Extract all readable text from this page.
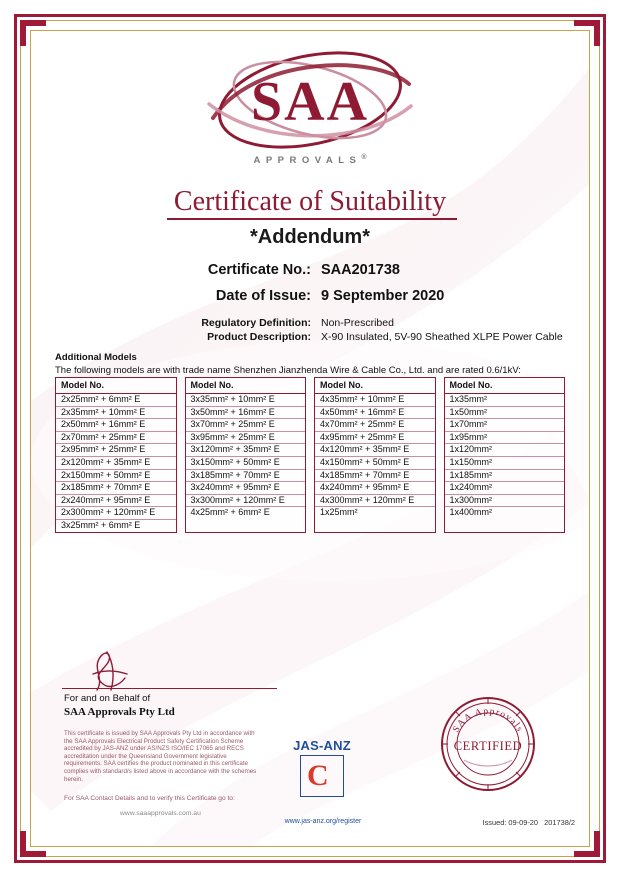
SAA
APPROVALS®
Certificate of Suitability
*Addendum*
Certificate No.: SAA201738
Date of Issue: 9 September 2020
Regulatory Definition: Non-Prescribed
Product Description: X-90 Insulated, 5V-90 Sheathed XLPE Power Cable
Additional Models
The following models are with trade name Shenzhen Jianzhenda Wire & Cable Co., Ltd. and are rated 0.6/1kV:
Model No.
2x25mm² + 6mm² E
2x35mm² + 10mm² E
2x50mm² + 16mm² E
2x70mm² + 25mm² E
2x95mm² + 25mm² E
2x120mm² + 35mm² E
2x150mm² + 50mm² E
2x185mm² + 70mm² E
2x240mm² + 95mm² E
2x300mm² + 120mm² E
3x25mm² + 6mm² E
Model No.
3x35mm² + 10mm² E
3x50mm² + 16mm² E
3x70mm² + 25mm² E
3x95mm² + 25mm² E
3x120mm² + 35mm² E
3x150mm² + 50mm² E
3x185mm² + 70mm² E
3x240mm² + 95mm² E
3x300mm² + 120mm² E
4x25mm² + 6mm² E
Model No.
4x35mm² + 10mm² E
4x50mm² + 16mm² E
4x70mm² + 25mm² E
4x95mm² + 25mm² E
4x120mm² + 35mm² E
4x150mm² + 50mm² E
4x185mm² + 70mm² E
4x240mm² + 95mm² E
4x300mm² + 120mm² E
1x25mm²
Model No.
1x35mm²
1x50mm²
1x70mm²
1x95mm²
1x120mm²
1x150mm²
1x185mm²
1x240mm²
1x300mm²
1x400mm²
For and on Behalf of
SAA Approvals Pty Ltd
This certificate is issued by SAA Approvals Pty Ltd in accordance with the SAA Approvals Electrical Product Safety Certification Scheme accredited by JAS-ANZ under AS/NZS ISO/IEC 17065 and RECS accreditation under the Queensland Government legislative requirements. SAA certifies the product nominated in this certificate complies with standard/s listed above in accordance with the schemes herein.
For SAA Contact Details and to verify this Certificate go to:
www.saaapprovals.com.au
JAS-ANZ
C
www.jas-anz.org/register
SAA Approvals
CERTIFIED
Issued: 09-09-20 201738/2
